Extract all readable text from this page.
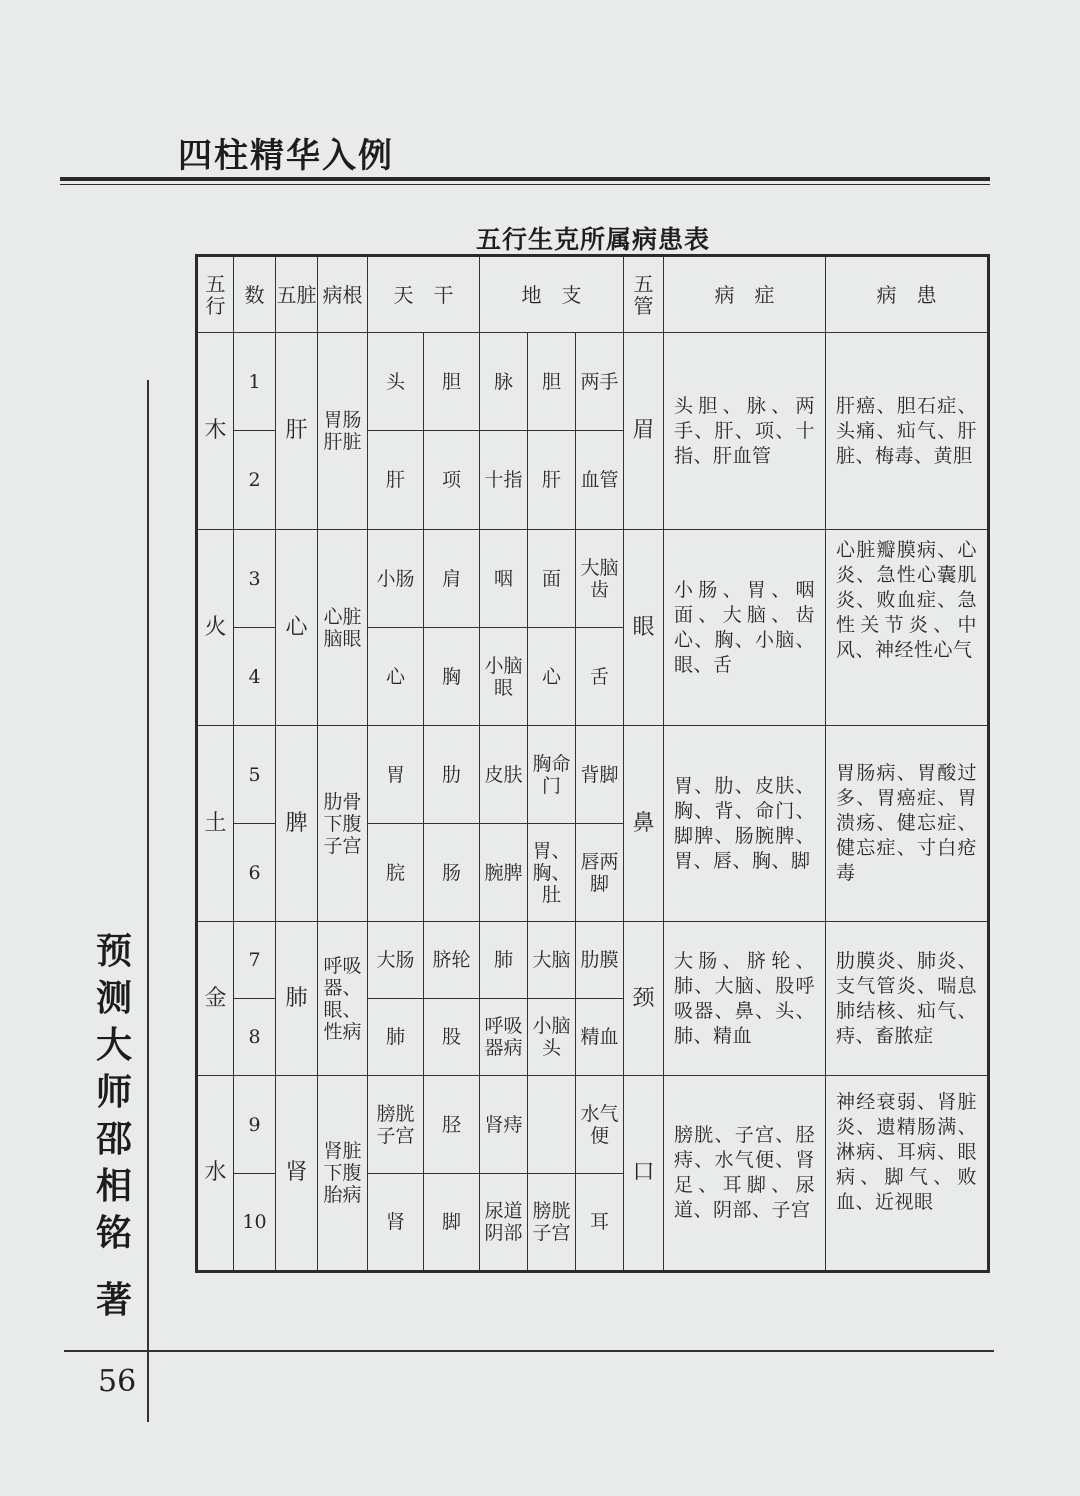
四柱精华入例
五行生克所属病患表
五行	数	五脏	病根	天　干		地　支			五管	病　症	病　患
木	1	肝	胃肠肝脏	头	胆	脉	胆	两手	眉	头胆、脉、两手、肝、项、十指、肝血管	肝癌、胆石症、头痛、疝气、肝脏、梅毒、黄胆
	2			肝	项	十指	肝	血管			
火	3	心	心脏脑眼	小肠	肩	咽	面	大脑齿	眼	小肠、胃、咽面、大脑、齿心、胸、小脑、眼、舌	心脏瓣膜病、心炎、急性心囊肌炎、败血症、急性关节炎、中风、神经性心气
	4			心	胸	小脑眼	心	舌			
土	5	脾	肋骨下腹子宫	胃	肋	皮肤	胸命门	背脚	鼻	胃、肋、皮肤、胸、背、命门、脚脾、肠腕脾、胃、唇、胸、脚	胃肠病、胃酸过多、胃癌症、胃溃疡、健忘症、健忘症、寸白疮毒
	6			脘	肠	腕脾	胃、胸、肚	唇两脚			
金	7	肺	呼吸器、眼、性病	大肠	脐轮	肺	大脑	肋膜	颈	大肠、脐轮、肺、大脑、股呼吸器、鼻、头、肺、精血	肋膜炎、肺炎、支气管炎、喘息肺结核、疝气、痔、畜脓症
	8			肺	股	呼吸器病	小脑头	精血			
水	9	肾	肾脏下腹胎病	膀胱子宫	胫	肾痔		水气便	口	膀胱、子宫、胫痔、水气便、肾足、耳脚、尿道、阴部、子宫	神经衰弱、肾脏炎、遗精肠满、淋病、耳病、眼病、脚气、败血、近视眼
	10			肾	脚	尿道阴部	膀胱子宫	耳			
预测大师邵相铭
著
56
